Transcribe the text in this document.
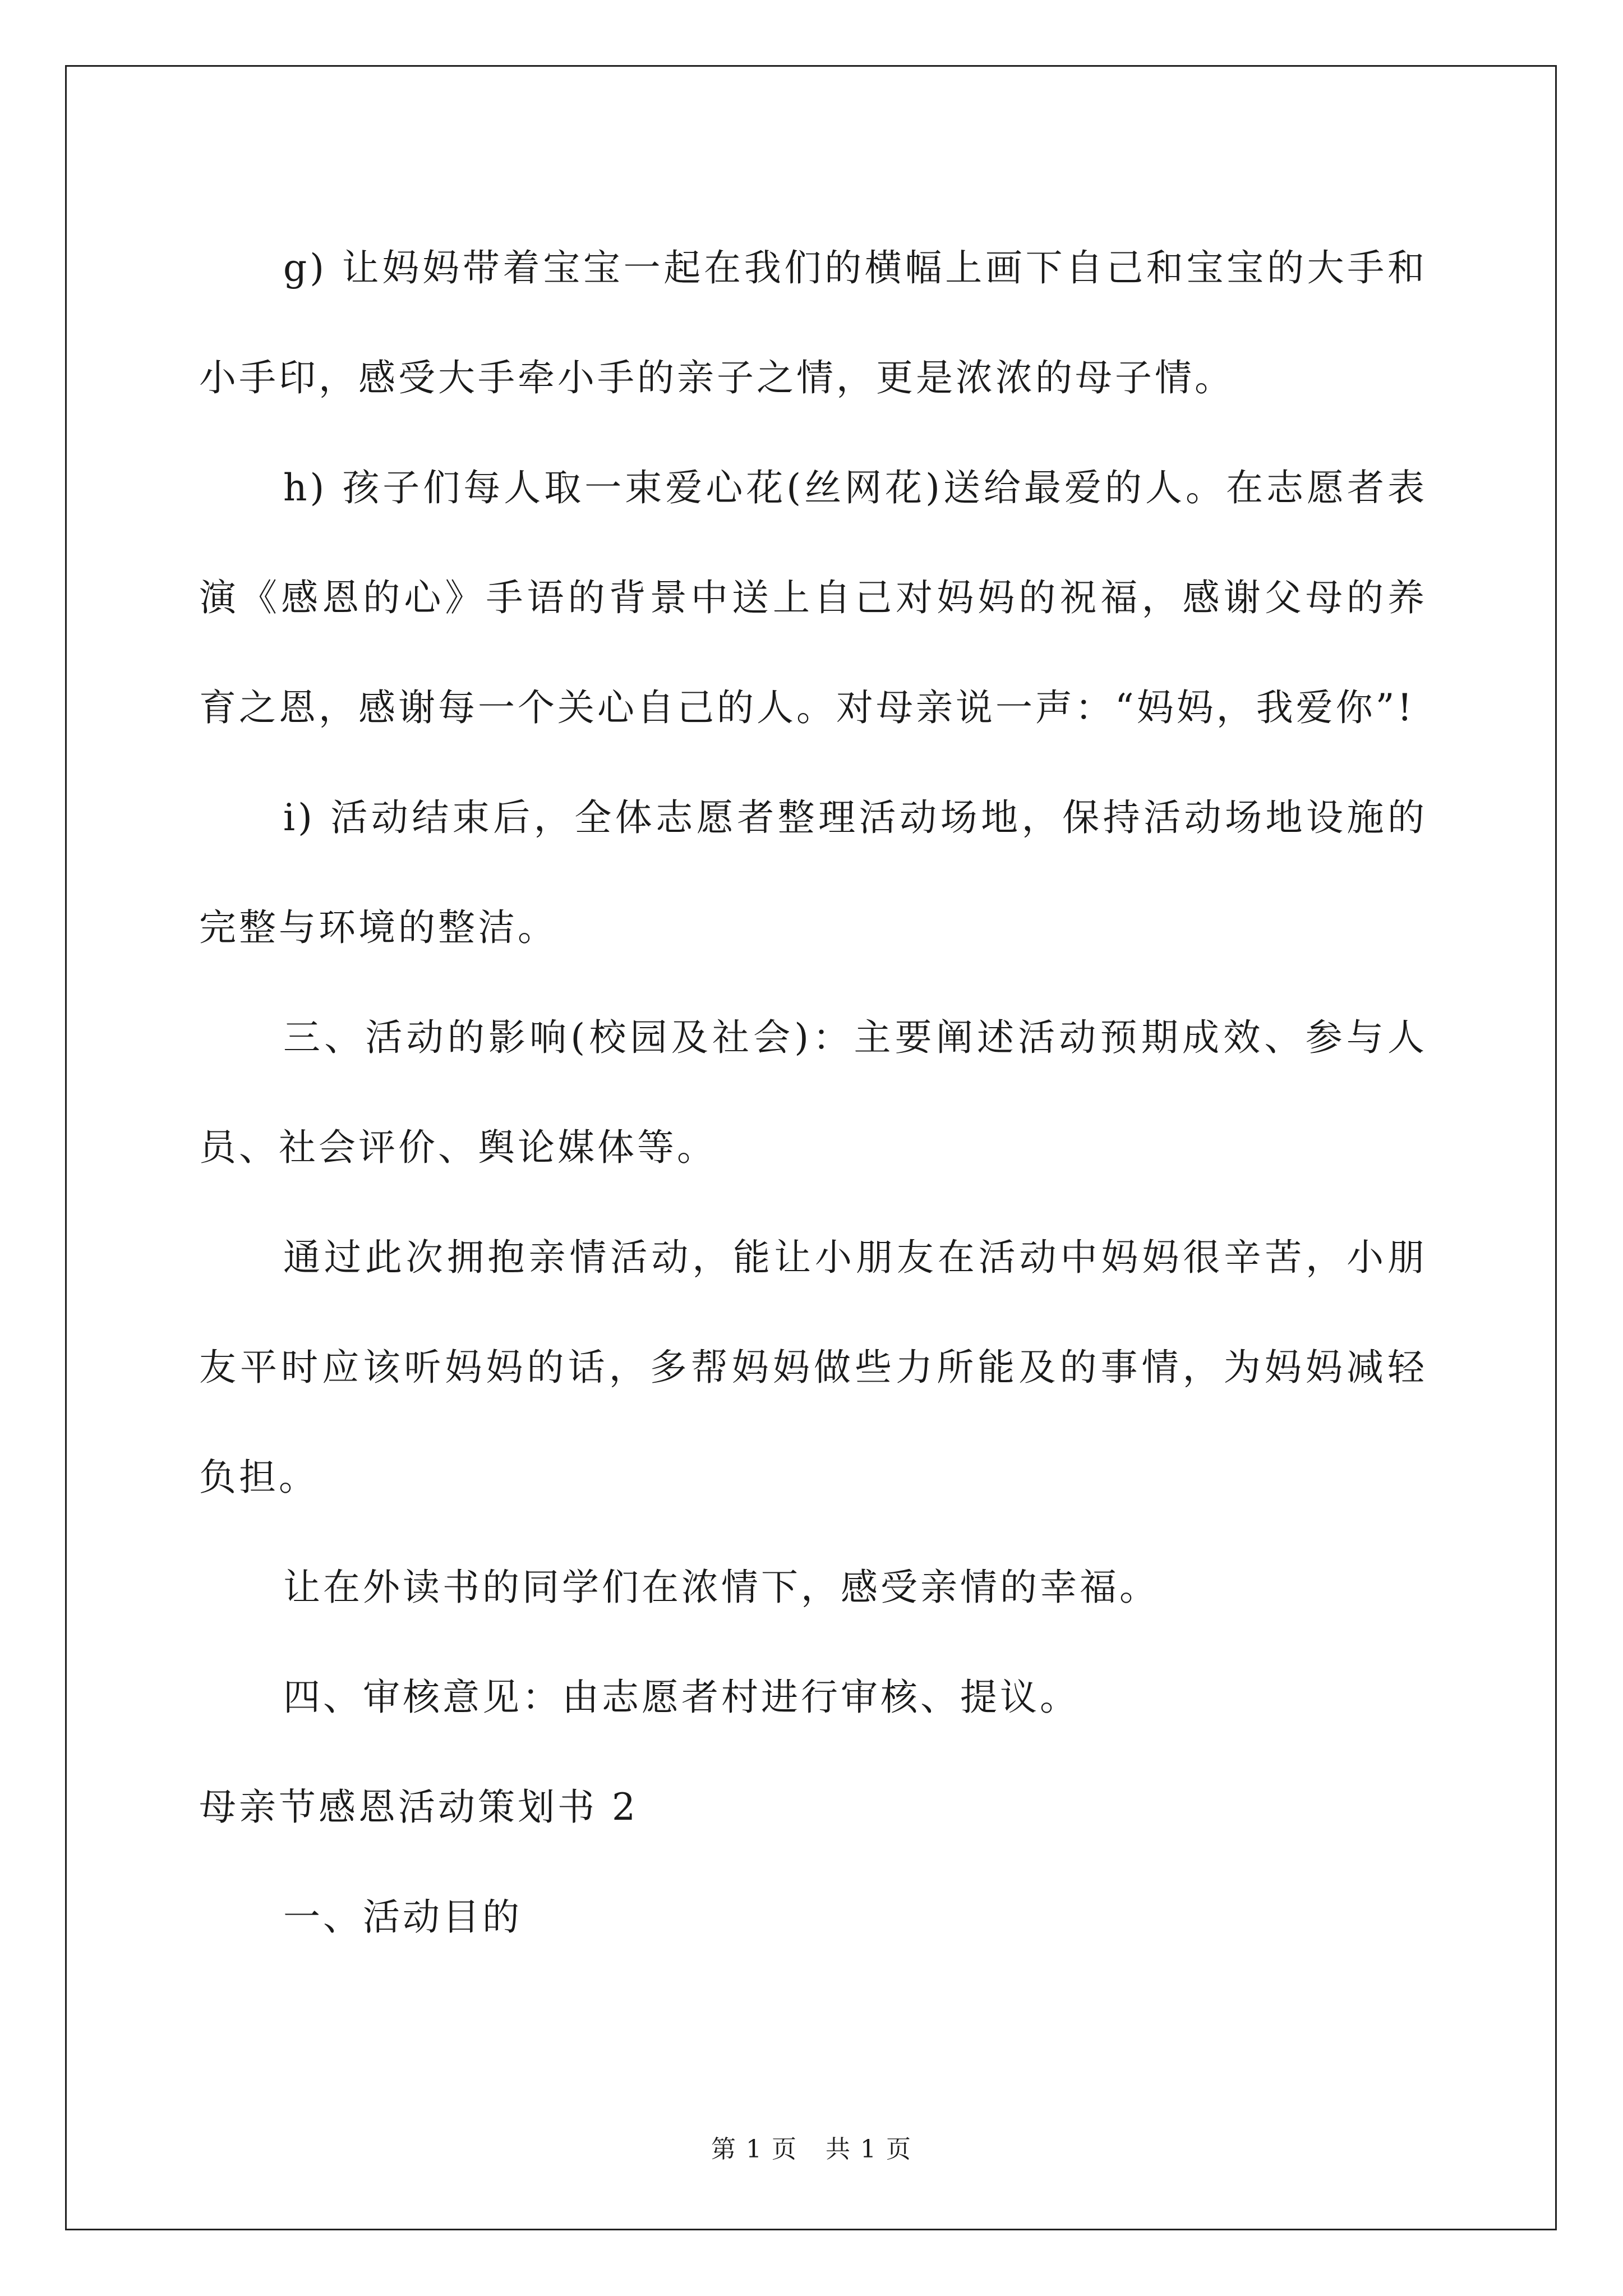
g) 让妈妈带着宝宝一起在我们的横幅上画下自己和宝宝的大手和小手印，感受大手牵小手的亲子之情，更是浓浓的母子情。

h) 孩子们每人取一束爱心花(丝网花)送给最爱的人。在志愿者表演《感恩的心》手语的背景中送上自己对妈妈的祝福，感谢父母的养育之恩，感谢每一个关心自己的人。对母亲说一声：“妈妈，我爱你”!

i) 活动结束后，全体志愿者整理活动场地，保持活动场地设施的完整与环境的整洁。

三、活动的影响(校园及社会)：主要阐述活动预期成效、参与人员、社会评价、舆论媒体等。

通过此次拥抱亲情活动，能让小朋友在活动中妈妈很辛苦，小朋友平时应该听妈妈的话，多帮妈妈做些力所能及的事情，为妈妈减轻负担。

让在外读书的同学们在浓情下，感受亲情的幸福。

四、审核意见：由志愿者村进行审核、提议。

母亲节感恩活动策划书 2

一、活动目的

第 1 页 共 1 页
